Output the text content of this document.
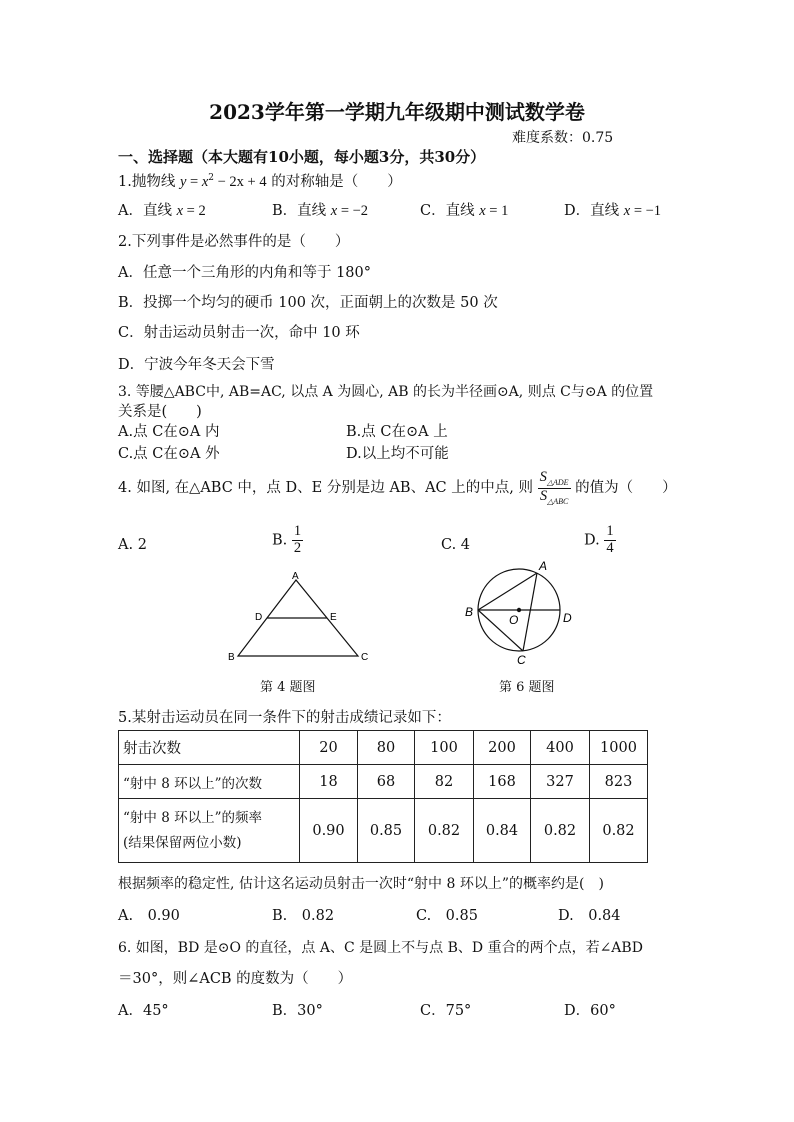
2023学年第一学期九年级期中测试数学卷
难度系数：0.75
一、选择题（本大题有10小题，每小题3分，共30分）
1.抛物线 $y = x^2 - 2x + 4$ 的对称轴是（　　）
A．直线 x = 2	B．直线 x = −2	C．直线 x = 1	D．直线 x = −1
2.下列事件是必然事件的是（　　）
A．任意一个三角形的内角和等于 180°
B．投掷一个均匀的硬币 100 次，正面朝上的次数是 50 次
C．射击运动员射击一次，命中 10 环
D．宁波今年冬天会下雪
3. 等腰△ABC中, AB=AC, 以点 A 为圆心, AB 的长为半径画⊙A, 则点 C与⊙A 的位置
关系是(　　)
A.点 C在⊙A 内	B.点 C在⊙A 上
C.点 C在⊙A 外	D.以上均不可能
4. 如图, 在△ABC 中，点 D、E 分别是边 AB、AC 上的中点, 则 $\frac{S_{\triangle ADE}}{S_{\triangle ABC}}$ 的值为（　　）
A. 2	B. $\frac{1}{2}$	C. 4	D. $\frac{1}{4}$
A
B	C
D	E
第 4 题图
A
B
C
D
O
第 6 题图
5.某射击运动员在同一条件下的射击成绩记录如下：
射击次数	20	80	100	200	400	1000
“射中 8 环以上”的次数	18	68	82	168	327	823

“射中 8 环以上”的频率
(结果保留两位小数)	0.90	0.85	0.82	0.84	0.82	0.82
根据频率的稳定性, 估计这名运动员射击一次时“射中 8 环以上”的概率约是(　)
A.　0.90	B.　0.82	C.　0.85	D.　0.84
6. 如图，BD 是⊙O 的直径，点 A、C 是圆上不与点 B、D 重合的两个点，若∠ABD
＝30°，则∠ACB 的度数为（　　）
A．45°	B．30°	C．75°	D．60°
